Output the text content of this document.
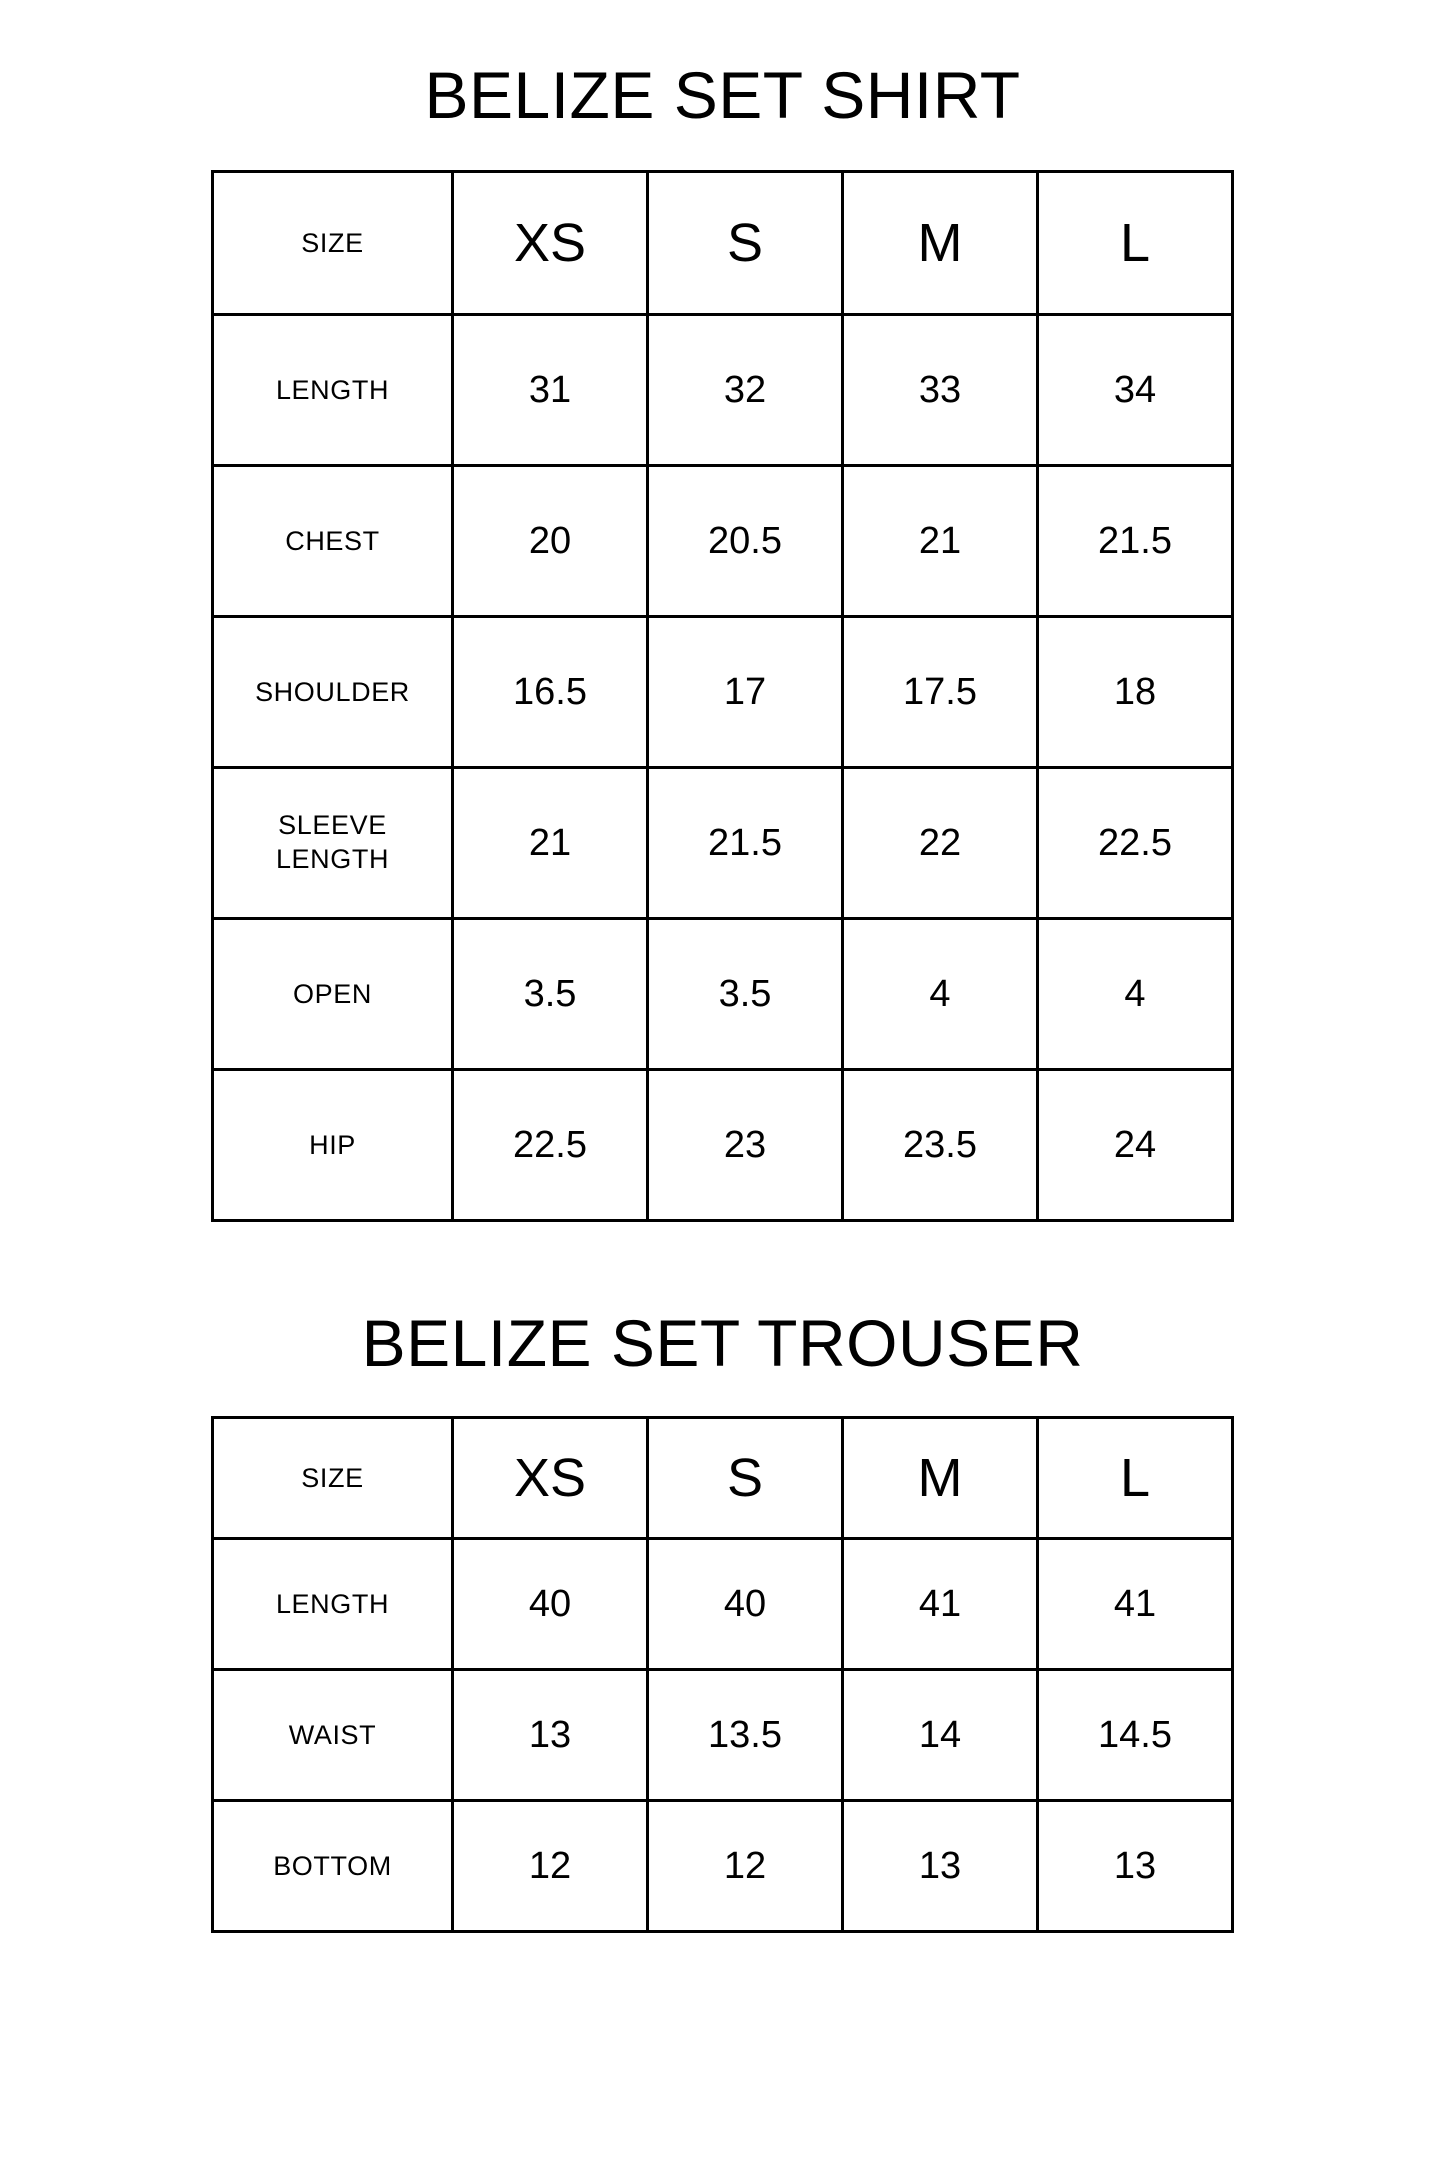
BELIZE SET SHIRT
SIZE	XS	S	M	L
LENGTH	31	32	33	34
CHEST	20	20.5	21	21.5
SHOULDER	16.5	17	17.5	18

SLEEVE
LENGTH	21	21.5	22	22.5
OPEN	3.5	3.5	4	4
HIP	22.5	23	23.5	24
BELIZE SET TROUSER
SIZE	XS	S	M	L
LENGTH	40	40	41	41
WAIST	13	13.5	14	14.5
BOTTOM	12	12	13	13
